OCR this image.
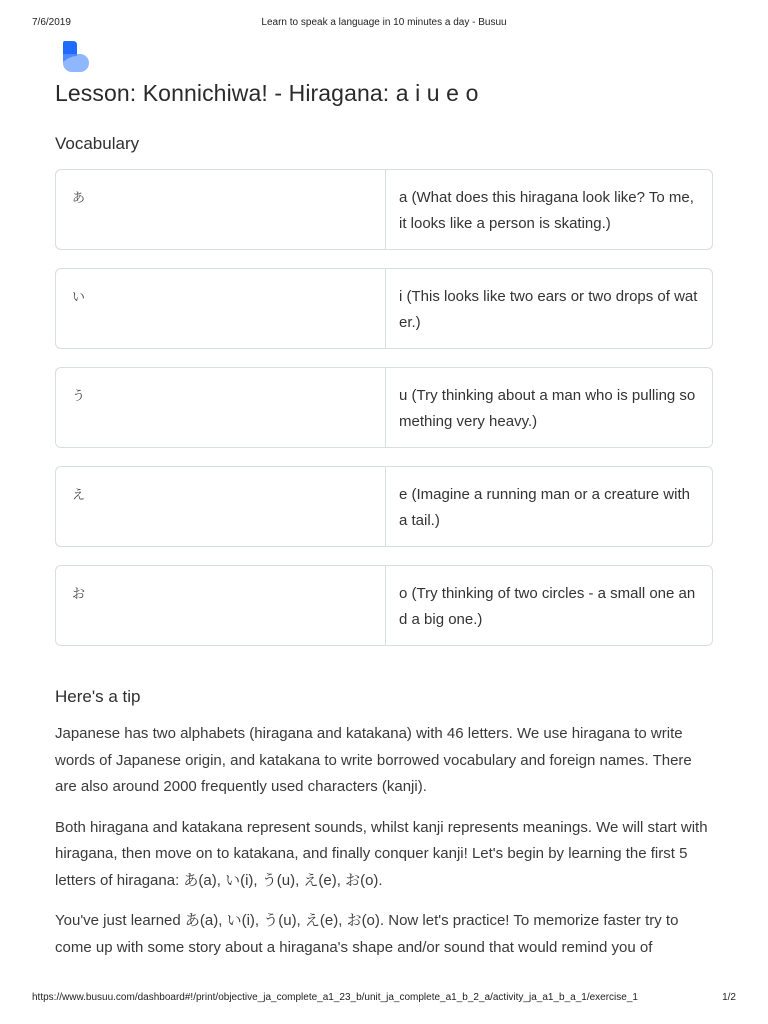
7/6/2019	Learn to speak a language in 10 minutes a day - Busuu
Lesson: Konnichiwa! - Hiragana: a i u e o
Vocabulary
あ	a (What does this hiragana look like? To me, it looks like a person is skating.)
い	i (This looks like two ears or two drops of water.)
う	u (Try thinking about a man who is pulling something very heavy.)
え	e (Imagine a running man or a creature with a tail.)
お	o (Try thinking of two circles - a small one and a big one.)
Here's a tip

Japanese has two alphabets (hiragana and katakana) with 46 letters. We use hiragana to write words of Japanese origin, and katakana to write borrowed vocabulary and foreign names. There are also around 2000 frequently used characters (kanji).

Both hiragana and katakana represent sounds, whilst kanji represents meanings. We will start with hiragana, then move on to katakana, and finally conquer kanji! Let's begin by learning the first 5 letters of hiragana: あ(a), い(i), う(u), え(e), お(o).

You've just learned あ(a), い(i), う(u), え(e), お(o). Now let's practice! To memorize faster try to come up with some story about a hiragana's shape and/or sound that would remind you of

https://www.busuu.com/dashboard#!/print/objective_ja_complete_a1_23_b/unit_ja_complete_a1_b_2_a/activity_ja_a1_b_a_1/exercise_1	1/2
